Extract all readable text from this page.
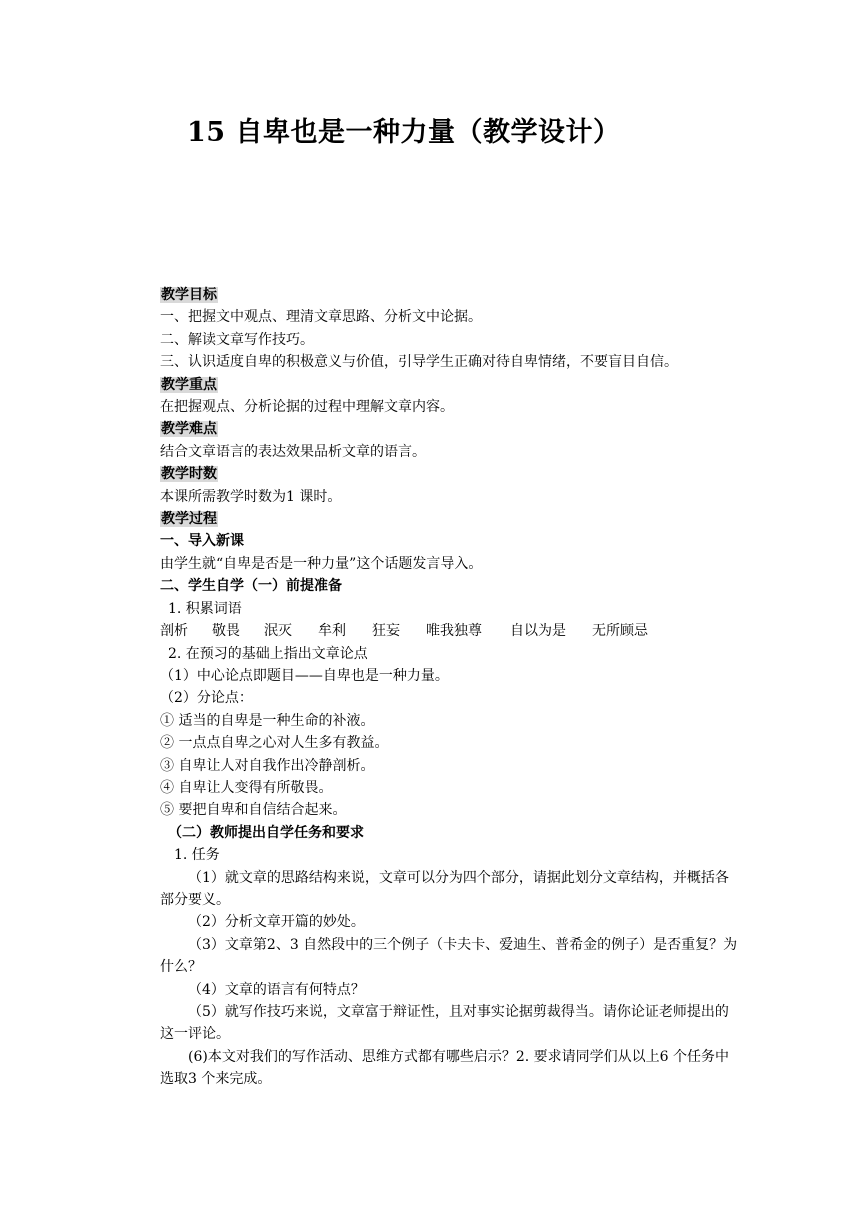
15 自卑也是一种力量（教学设计）
教学目标
一、把握文中观点、理清文章思路、分析文中论据。
二、解读文章写作技巧。
三、认识适度自卑的积极意义与价值，引导学生正确对待自卑情绪，不要盲目自信。
教学重点
在把握观点、分析论据的过程中理解文章内容。
教学难点
结合文章语言的表达效果品析文章的语言。
教学时数
本课所需教学时数为1 课时。
教学过程
一、导入新课
由学生就“自卑是否是一种力量”这个话题发言导入。
二、学生自学（一）前提准备
1. 积累词语
剖析 敬畏 泯灭 牟利 狂妄 唯我独尊 自以为是 无所顾忌
2. 在预习的基础上指出文章论点
（1）中心论点即题目——自卑也是一种力量。
（2）分论点：
① 适当的自卑是一种生命的补液。
② 一点点自卑之心对人生多有教益。
③ 自卑让人对自我作出冷静剖析。
④ 自卑让人变得有所敬畏。
⑤ 要把自卑和自信结合起来。
（二）教师提出自学任务和要求
1. 任务
（1）就文章的思路结构来说，文章可以分为四个部分，请据此划分文章结构，并概括各部分要义。
（2）分析文章开篇的妙处。
（3）文章第2、3 自然段中的三个例子（卡夫卡、爱迪生、普希金的例子）是否重复？为什么？
（4）文章的语言有何特点？
（5）就写作技巧来说，文章富于辩证性，且对事实论据剪裁得当。请你论证老师提出的这一评论。
(6)本文对我们的写作活动、思维方式都有哪些启示？2. 要求请同学们从以上6 个任务中选取3 个来完成。
